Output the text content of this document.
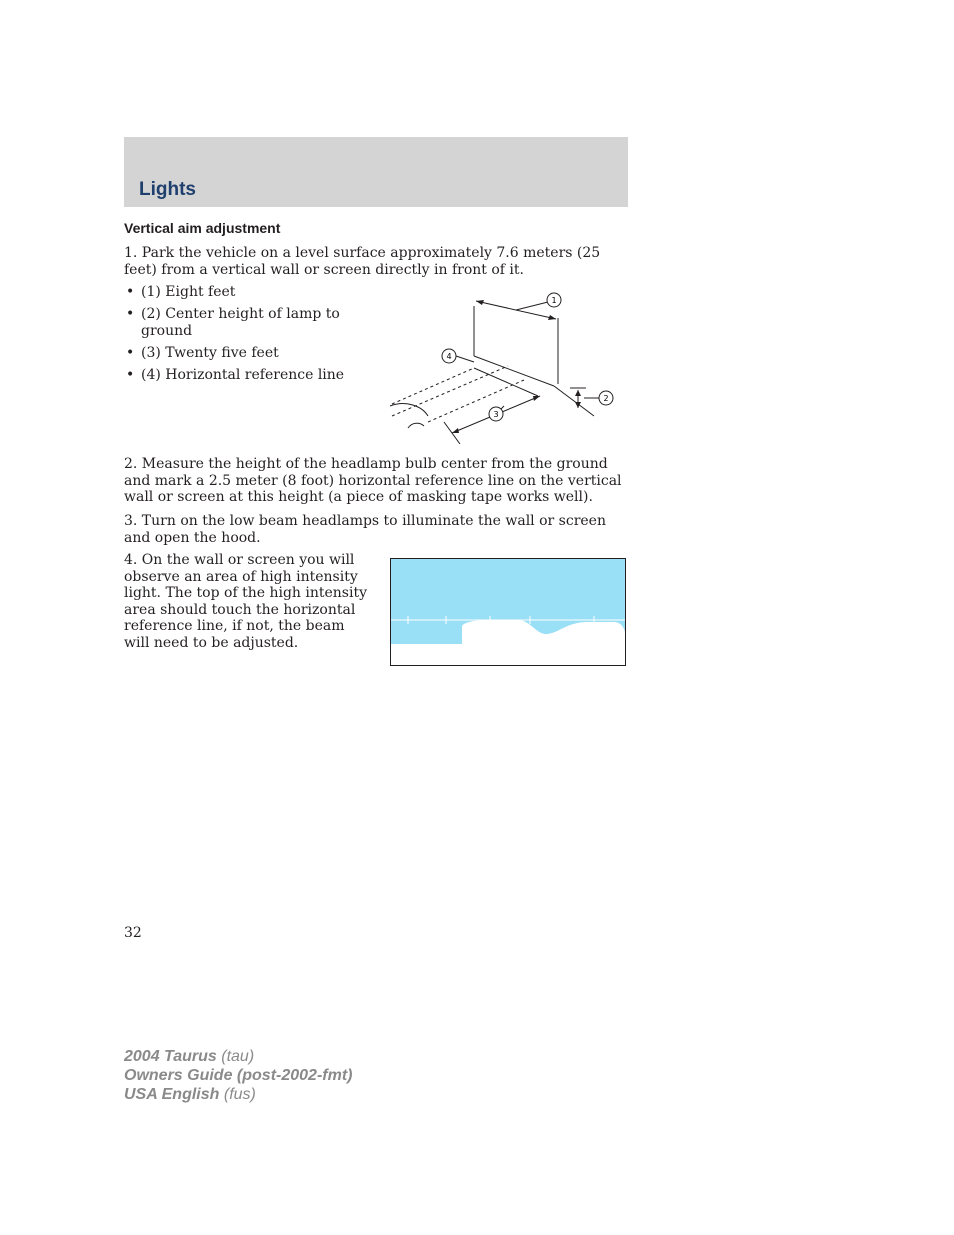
Lights
Vertical aim adjustment

1. Park the vehicle on a level surface approximately 7.6 meters (25 feet) from a vertical wall or screen directly in front of it.

• (1) Eight feet
• (2) Center height of lamp to ground
• (3) Twenty five feet
• (4) Horizontal reference line
1
2
3
4

2. Measure the height of the headlamp bulb center from the ground and mark a 2.5 meter (8 foot) horizontal reference line on the vertical wall or screen at this height (a piece of masking tape works well).

3. Turn on the low beam headlamps to illuminate the wall or screen and open the hood.

4. On the wall or screen you will observe an area of high intensity light. The top of the high intensity area should touch the horizontal reference line, if not, the beam will need to be adjusted.

32
2004 Taurus (tau)
Owners Guide (post-2002-fmt)
USA English (fus)
